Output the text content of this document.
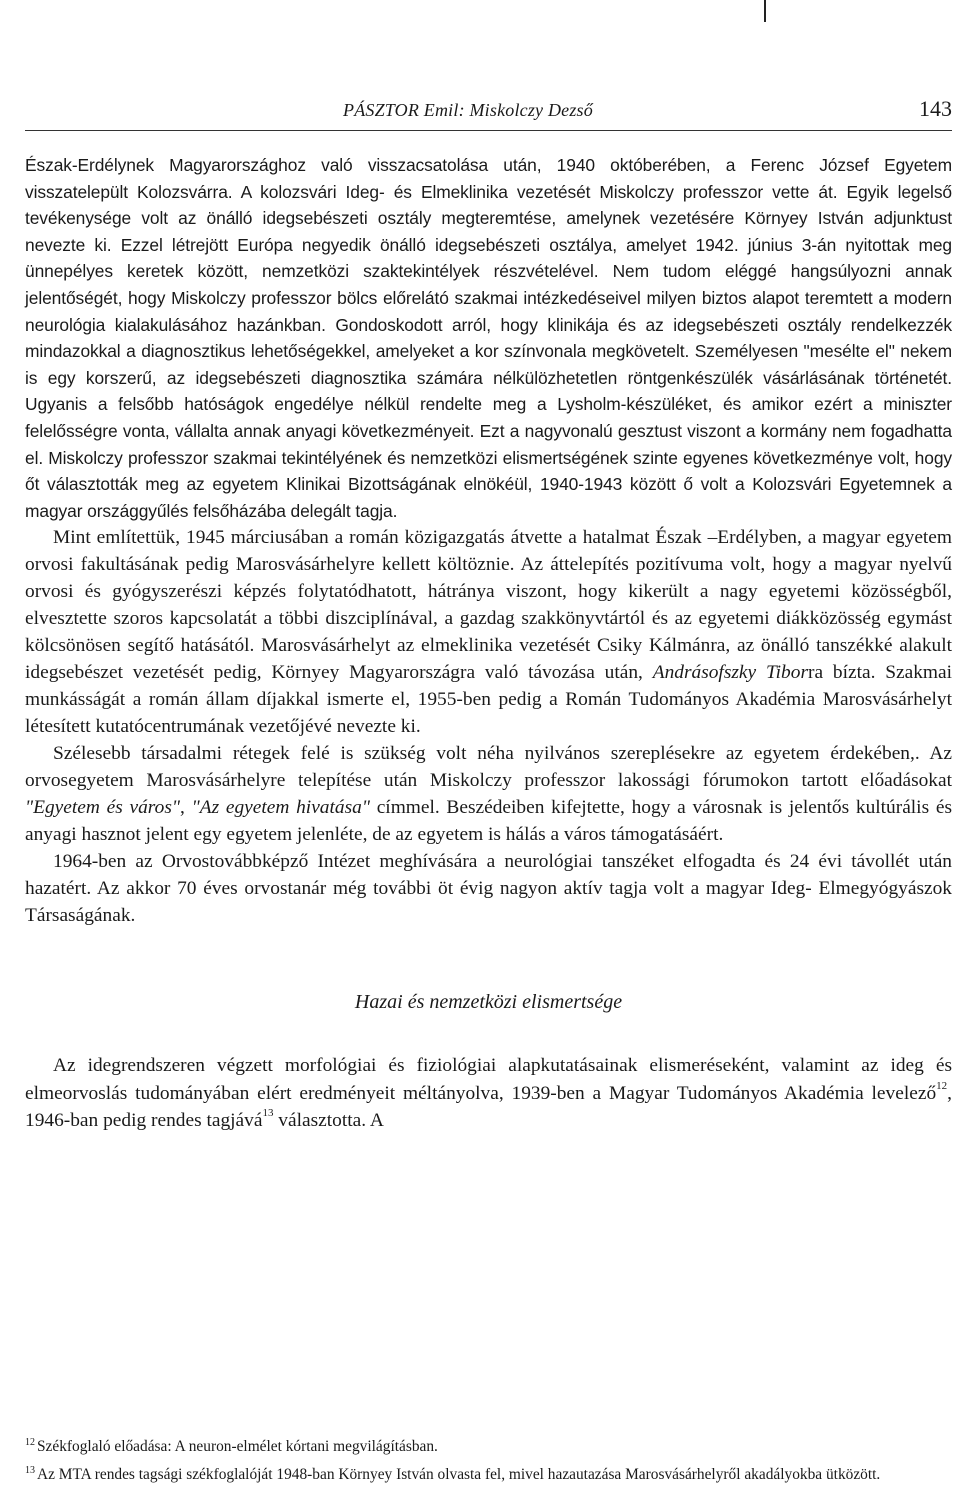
PÁSZTOR Emil: Miskolczy Dezső	143

Észak-Erdélynek Magyarországhoz való visszacsatolása után, 1940 októberében, a Ferenc József Egyetem visszatelepült Kolozsvárra. A kolozsvári Ideg- és Elmeklinika vezetését Miskolczy professzor vette át. Egyik legelső tevékenysége volt az önálló idegsebészeti osztály megteremtése, amelynek vezetésére Környey István adjunktust nevezte ki. Ezzel létrejött Európa negyedik önálló idegsebészeti osztálya, amelyet 1942. június 3-án nyitottak meg ünnepélyes keretek között, nemzetközi szaktekintélyek részvételével. Nem tudom eléggé hangsúlyozni annak jelentőségét, hogy Miskolczy professzor bölcs előrelátó szakmai intézkedéseivel milyen biztos alapot teremtett a modern neurológia kialakulásához hazánkban. Gondoskodott arról, hogy klinikája és az idegsebészeti osztály rendelkezzék mindazokkal a diagnosztikus lehetőségekkel, amelyeket a kor színvonala megkövetelt. Személyesen "mesélte el" nekem is egy korszerű, az idegsebészeti diagnosztika számára nélkülözhetetlen röntgenkészülék vásárlásának történetét. Ugyanis a felsőbb hatóságok engedélye nélkül rendelte meg a Lysholm-készüléket, és amikor ezért a miniszter felelősségre vonta, vállalta annak anyagi következményeit. Ezt a nagyvonalú gesztust viszont a kormány nem fogadhatta el. Miskolczy professzor szakmai tekintélyének és nemzetközi elismertségének szinte egyenes következménye volt, hogy őt választották meg az egyetem Klinikai Bizottságának elnökéül, 1940-1943 között ő volt a Kolozsvári Egyetemnek a magyar országgyűlés felsőházába delegált tagja.

Mint említettük, 1945 márciusában a román közigazgatás átvette a hatalmat Észak –Erdélyben, a magyar egyetem orvosi fakultásának pedig Marosvásárhelyre kellett költöznie. Az áttelepítés pozitívuma volt, hogy a magyar nyelvű orvosi és gyógyszerészi képzés folytatódhatott, hátránya viszont, hogy kikerült a nagy egyetemi közösségből, elvesztette szoros kapcsolatát a többi diszciplínával, a gazdag szakkönyvtártól és az egyetemi diákközösség egymást kölcsönösen segítő hatásától. Marosvásárhelyt az elmeklinika vezetését Csiky Kálmánra, az önálló tanszékké alakult idegsebészet vezetését pedig, Környey Magyarországra való távozása után, Andrásofszky Tiborra bízta. Szakmai munkásságát a román állam díjakkal ismerte el, 1955-ben pedig a Román Tudományos Akadémia Marosvásárhelyt létesített kutatócentrumának vezetőjévé nevezte ki.

Szélesebb társadalmi rétegek felé is szükség volt néha nyilvános szereplésekre az egyetem érdekében,. Az orvosegyetem Marosvásárhelyre telepítése után Miskolczy professzor lakossági fórumokon tartott előadásokat "Egyetem és város", "Az egyetem hivatása" címmel. Beszédeiben kifejtette, hogy a városnak is jelentős kultúrális és anyagi hasznot jelent egy egyetem jelenléte, de az egyetem is hálás a város támogatásáért.

1964-ben az Orvostovábbképző Intézet meghívására a neurológiai tanszéket elfogadta és 24 évi távollét után hazatért. Az akkor 70 éves orvostanár még további öt évig nagyon aktív tagja volt a magyar Ideg- Elmegyógyászok Társaságának.

Hazai és nemzetközi elismertsége

Az idegrendszeren végzett morfológiai és fiziológiai alapkutatásainak elismeréseként, valamint az ideg és elmeorvoslás tudományában elért eredményeit méltányolva, 1939-ben a Magyar Tudományos Akadémia levelező$^{12}$, 1946-ban pedig rendes tagjává$^{13}$ választotta. A

$^{12}$ Székfoglaló előadása: A neuron-elmélet kórtani megvilágításban.

$^{13}$ Az MTA rendes tagsági székfoglalóját 1948-ban Környey István olvasta fel, mivel hazautazása Marosvásárhelyről akadályokba ütközött.
